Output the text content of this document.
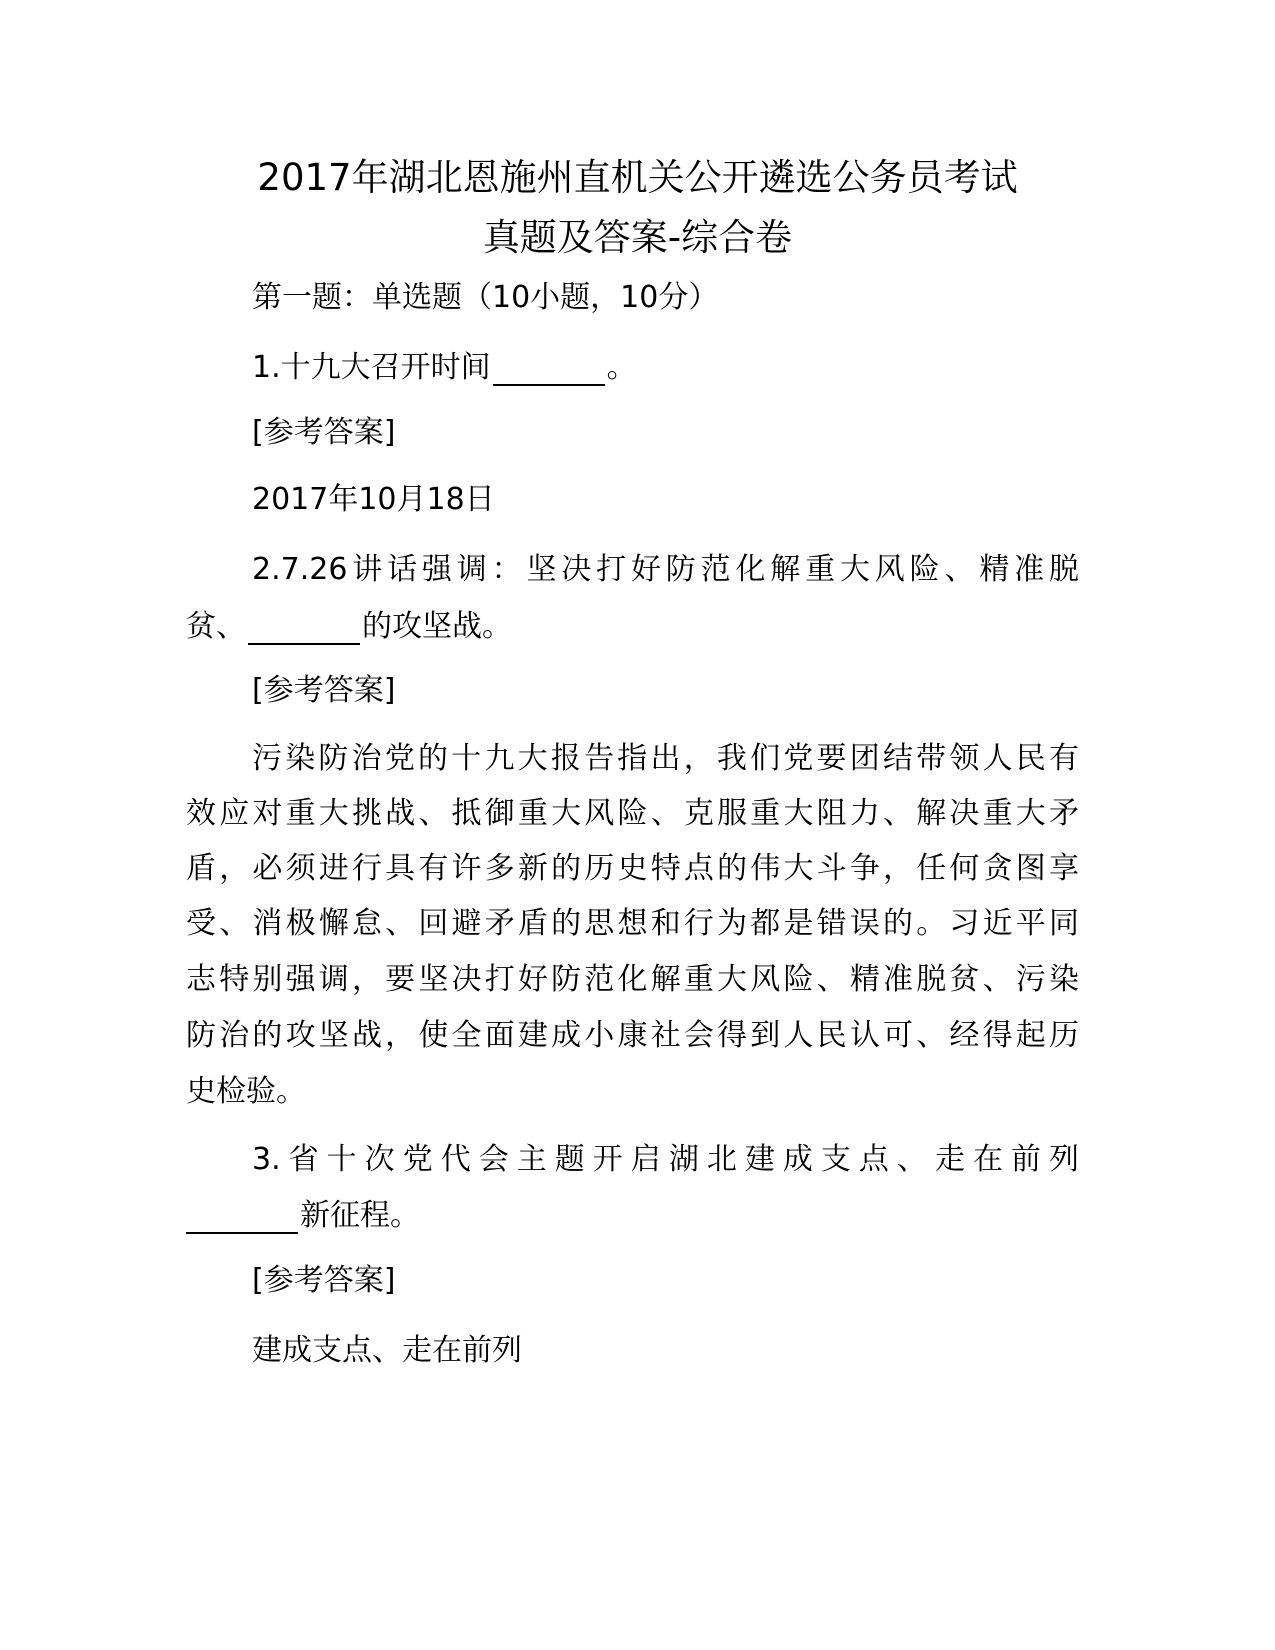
2017年湖北恩施州直机关公开遴选公务员考试
真题及答案-综合卷
第一题：单选题（10小题，10分）
1.十九大召开时间	。
[参考答案]
2017年10月18日
2.7.26讲话强调：坚决打好防范化解重大风险、精准脱
贫、	的攻坚战。
[参考答案]
污染防治党的十九大报告指出，我们党要团结带领人民有
效应对重大挑战、抵御重大风险、克服重大阻力、解决重大矛
盾，必须进行具有许多新的历史特点的伟大斗争，任何贪图享
受、消极懈怠、回避矛盾的思想和行为都是错误的。习近平同
志特别强调，要坚决打好防范化解重大风险、精准脱贫、污染
防治的攻坚战，使全面建成小康社会得到人民认可、经得起历
史检验。
3.省十次党代会主题开启湖北建成支点、走在前列
新征程。
[参考答案]
建成支点、走在前列
